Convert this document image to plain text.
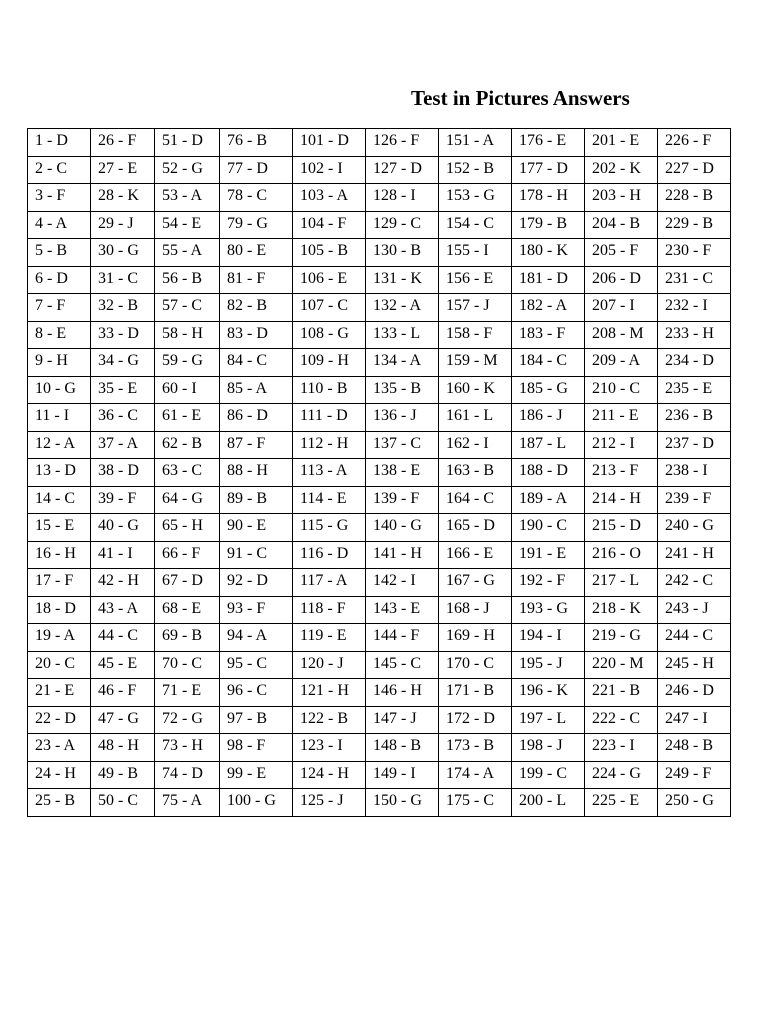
Test in Pictures Answers
1 - D	26 - F	51 - D	76 - B	101 - D	126 - F	151 - A	176 - E	201 - E	226 - F
2 - C	27 - E	52 - G	77 - D	102 - I	127 - D	152 - B	177 - D	202 - K	227 - D
3 - F	28 - K	53 - A	78 - C	103 - A	128 - I	153 - G	178 - H	203 - H	228 - B
4 - A	29 - J	54 - E	79 - G	104 - F	129 - C	154 - C	179 - B	204 - B	229 - B
5 - B	30 - G	55 - A	80 - E	105 - B	130 - B	155 - I	180 - K	205 - F	230 - F
6 - D	31 - C	56 - B	81 - F	106 - E	131 - K	156 - E	181 - D	206 - D	231 - C
7 - F	32 - B	57 - C	82 - B	107 - C	132 - A	157 - J	182 - A	207 - I	232 - I
8 - E	33 - D	58 - H	83 - D	108 - G	133 - L	158 - F	183 - F	208 - M	233 - H
9 - H	34 - G	59 - G	84 - C	109 - H	134 - A	159 - M	184 - C	209 - A	234 - D
10 - G	35 - E	60 - I	85 - A	110 - B	135 - B	160 - K	185 - G	210 - C	235 - E
11 - I	36 - C	61 - E	86 - D	111 - D	136 - J	161 - L	186 - J	211 - E	236 - B
12 - A	37 - A	62 - B	87 - F	112 - H	137 - C	162 - I	187 - L	212 - I	237 - D
13 - D	38 - D	63 - C	88 - H	113 - A	138 - E	163 - B	188 - D	213 - F	238 - I
14 - C	39 - F	64 - G	89 - B	114 - E	139 - F	164 - C	189 - A	214 - H	239 - F
15 - E	40 - G	65 - H	90 - E	115 - G	140 - G	165 - D	190 - C	215 - D	240 - G
16 - H	41 - I	66 - F	91 - C	116 - D	141 - H	166 - E	191 - E	216 - O	241 - H
17 - F	42 - H	67 - D	92 - D	117 - A	142 - I	167 - G	192 - F	217 - L	242 - C
18 - D	43 - A	68 - E	93 - F	118 - F	143 - E	168 - J	193 - G	218 - K	243 - J
19 - A	44 - C	69 - B	94 - A	119 - E	144 - F	169 - H	194 - I	219 - G	244 - C
20 - C	45 - E	70 - C	95 - C	120 - J	145 - C	170 - C	195 - J	220 - M	245 - H
21 - E	46 - F	71 - E	96 - C	121 - H	146 - H	171 - B	196 - K	221 - B	246 - D
22 - D	47 - G	72 - G	97 - B	122 - B	147 - J	172 - D	197 - L	222 - C	247 - I
23 - A	48 - H	73 - H	98 - F	123 - I	148 - B	173 - B	198 - J	223 - I	248 - B
24 - H	49 - B	74 - D	99 - E	124 - H	149 - I	174 - A	199 - C	224 - G	249 - F
25 - B	50 - C	75 - A	100 - G	125 - J	150 - G	175 - C	200 - L	225 - E	250 - G
